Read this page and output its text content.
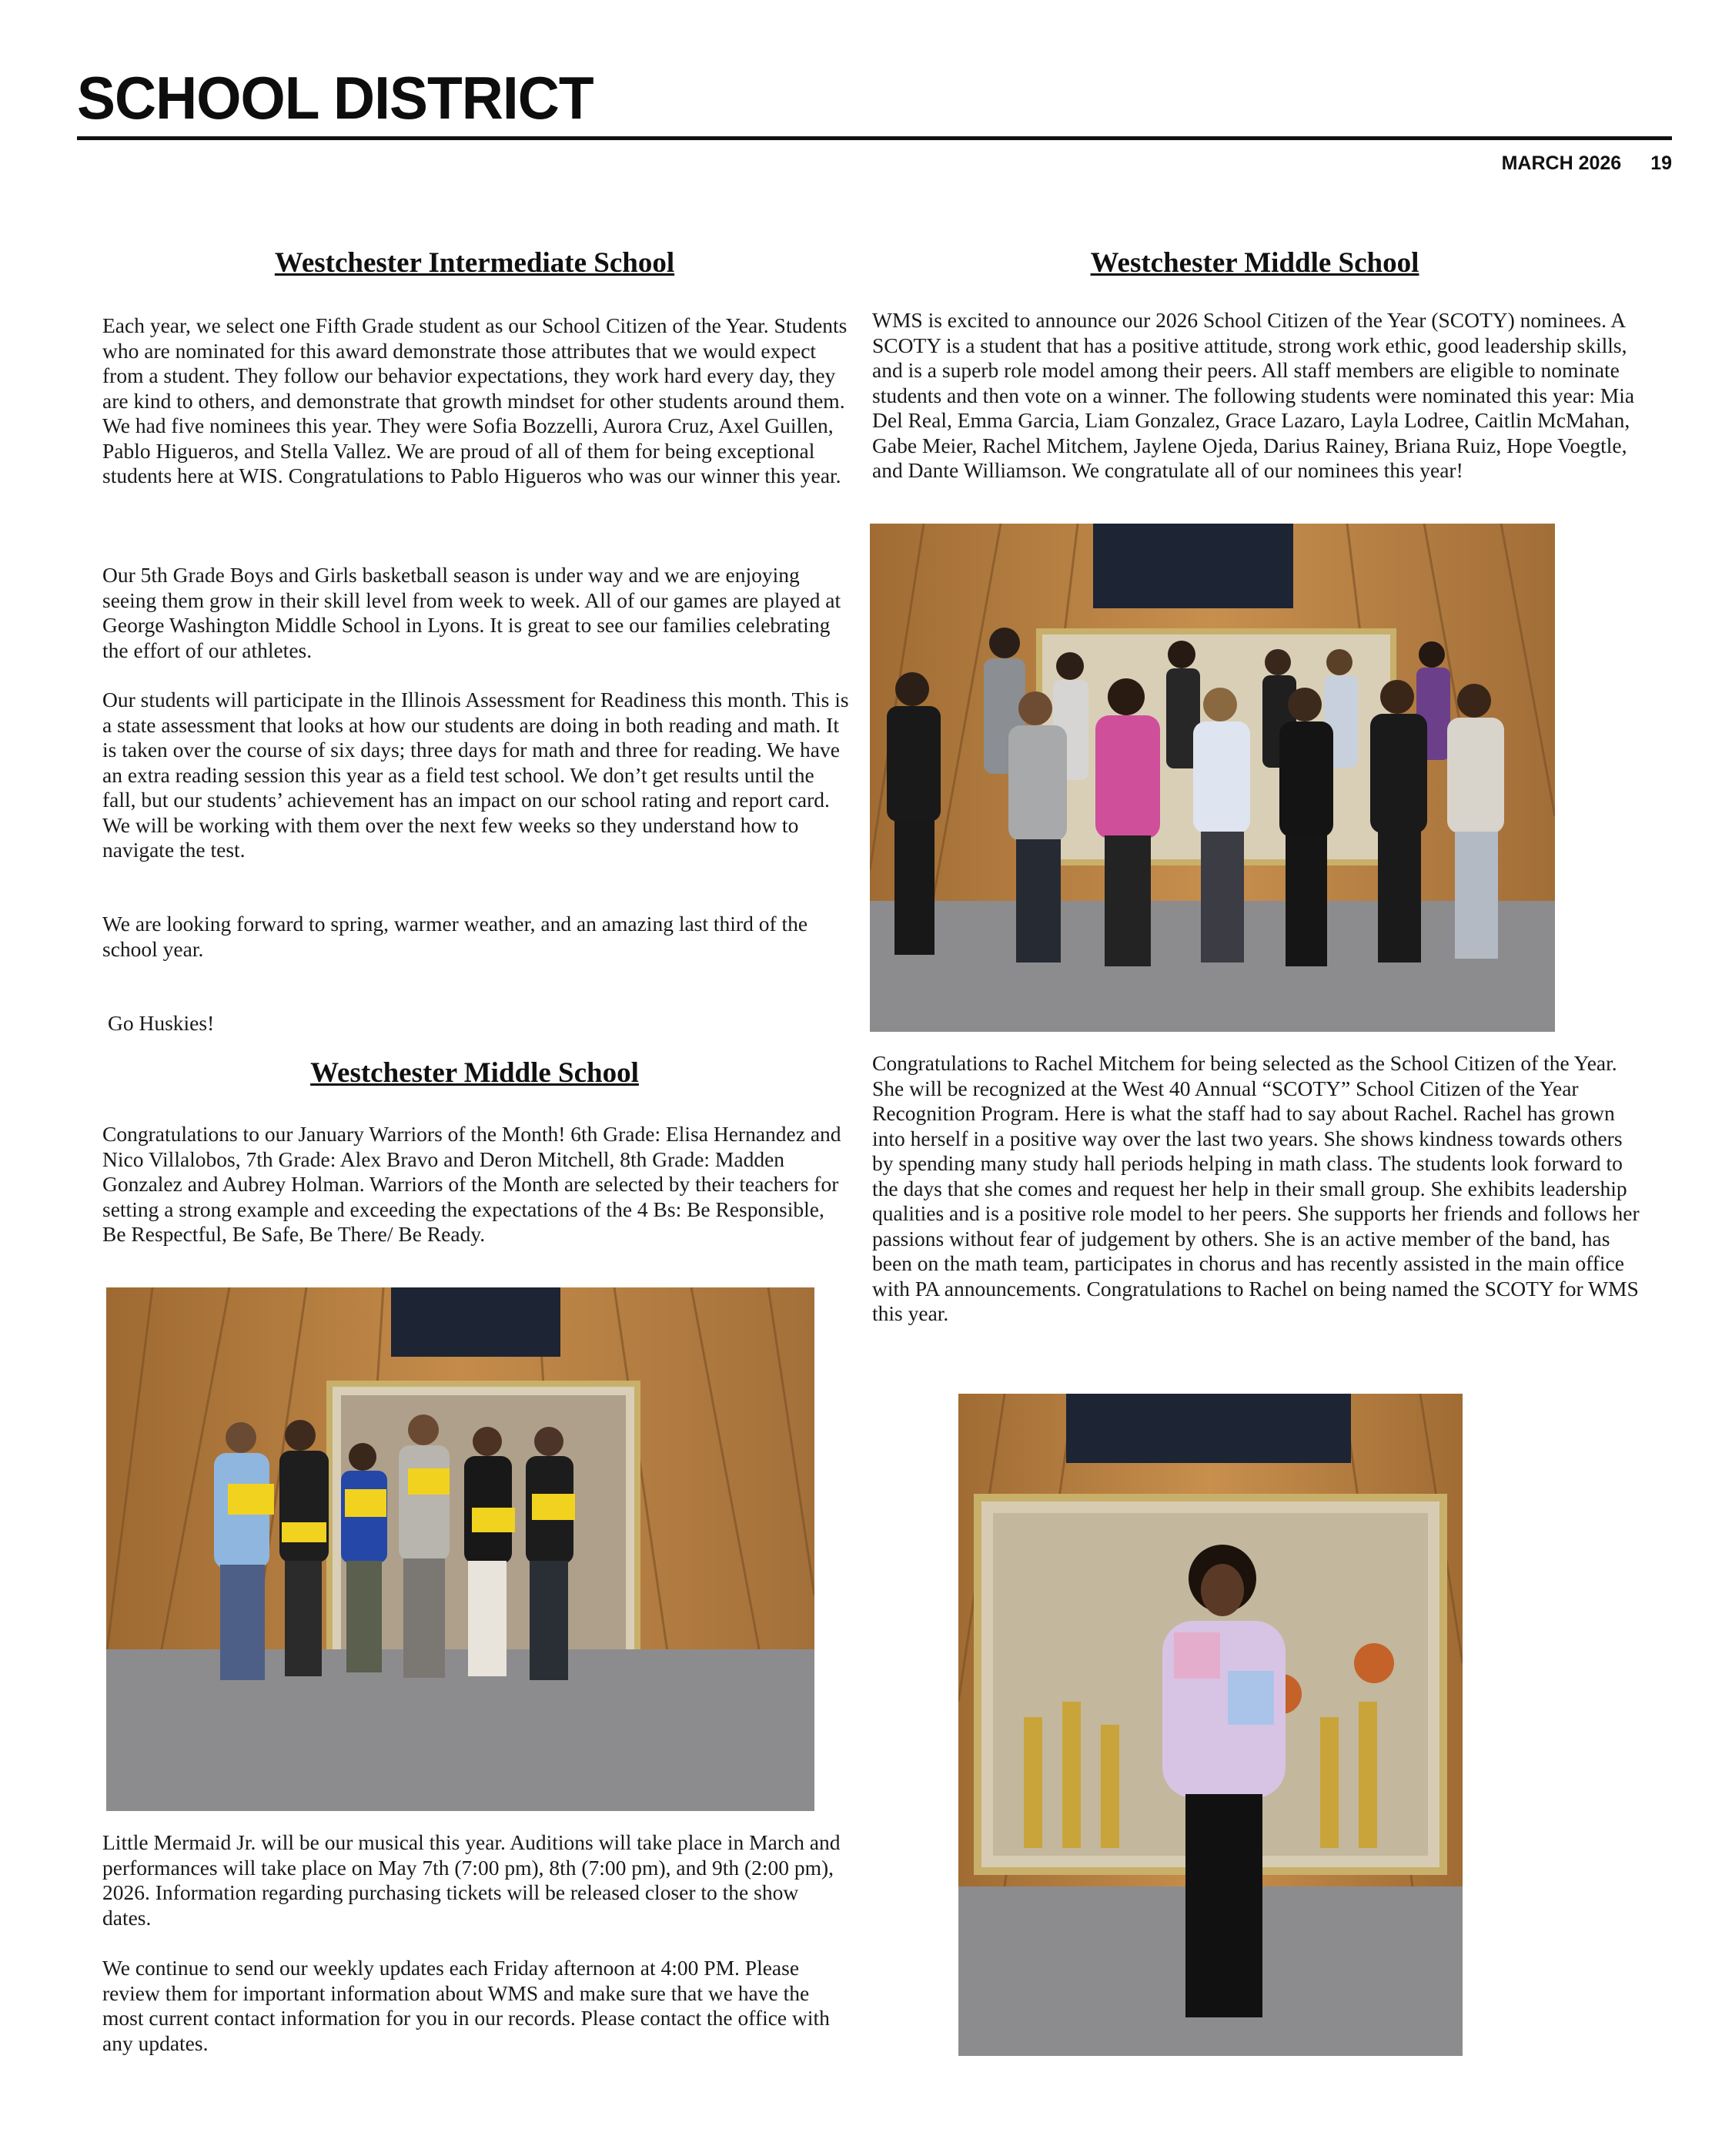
SCHOOL DISTRICT
MARCH 2026 19
Westchester Intermediate School
Each year, we select one Fifth Grade student as our School Citizen of the Year. Students who are nominated for this award demonstrate those attributes that we would expect from a student. They follow our behavior expectations, they work hard every day, they are kind to others, and demonstrate that growth mindset for other students around them. We had five nominees this year. They were Sofia Bozzelli, Aurora Cruz, Axel Guillen, Pablo Higueros, and Stella Vallez. We are proud of all of them for being exceptional students here at WIS. Congratulations to Pablo Higueros who was our winner this year.
Our 5th Grade Boys and Girls basketball season is under way and we are enjoying seeing them grow in their skill level from week to week. All of our games are played at George Washington Middle School in Lyons. It is great to see our families celebrating the effort of our athletes.
Our students will participate in the Illinois Assessment for Readiness this month. This is a state assessment that looks at how our students are doing in both reading and math. It is taken over the course of six days; three days for math and three for reading. We have an extra reading session this year as a field test school. We don’t get results until the fall, but our students’ achievement has an impact on our school rating and report card. We will be working with them over the next few weeks so they understand how to navigate the test.
We are looking forward to spring, warmer weather, and an amazing last third of the school year.
Go Huskies!
Westchester Middle School
Congratulations to our January Warriors of the Month! 6th Grade: Elisa Hernandez and Nico Villalobos, 7th Grade: Alex Bravo and Deron Mitchell, 8th Grade: Madden Gonzalez and Aubrey Holman. Warriors of the Month are selected by their teachers for setting a strong example and exceeding the expectations of the 4 Bs: Be Responsible, Be Respectful, Be Safe, Be There/ Be Ready.
Little Mermaid Jr. will be our musical this year. Auditions will take place in March and performances will take place on May 7th (7:00 pm), 8th (7:00 pm), and 9th (2:00 pm), 2026. Information regarding purchasing tickets will be released closer to the show dates.
We continue to send our weekly updates each Friday afternoon at 4:00 PM. Please review them for important information about WMS and make sure that we have the most current contact information for you in our records. Please contact the office with any updates.
Westchester Middle School
WMS is excited to announce our 2026 School Citizen of the Year (SCOTY) nominees. A SCOTY is a student that has a positive attitude, strong work ethic, good leadership skills, and is a superb role model among their peers. All staff members are eligible to nominate students and then vote on a winner. The following students were nominated this year: Mia Del Real, Emma Garcia, Liam Gonzalez, Grace Lazaro, Layla Lodree, Caitlin McMahan, Gabe Meier, Rachel Mitchem, Jaylene Ojeda, Darius Rainey, Briana Ruiz, Hope Voegtle, and Dante Williamson. We congratulate all of our nominees this year!
Congratulations to Rachel Mitchem for being selected as the School Citizen of the Year. She will be recognized at the West 40 Annual “SCOTY” School Citizen of the Year Recognition Program. Here is what the staff had to say about Rachel. Rachel has grown into herself in a positive way over the last two years. She shows kindness towards others by spending many study hall periods helping in math class. The students look forward to the days that she comes and request her help in their small group. She exhibits leadership qualities and is a positive role model to her peers. She supports her friends and follows her passions without fear of judgement by others. She is an active member of the band, has been on the math team, participates in chorus and has recently assisted in the main office with PA announcements. Congratulations to Rachel on being named the SCOTY for WMS this year.
